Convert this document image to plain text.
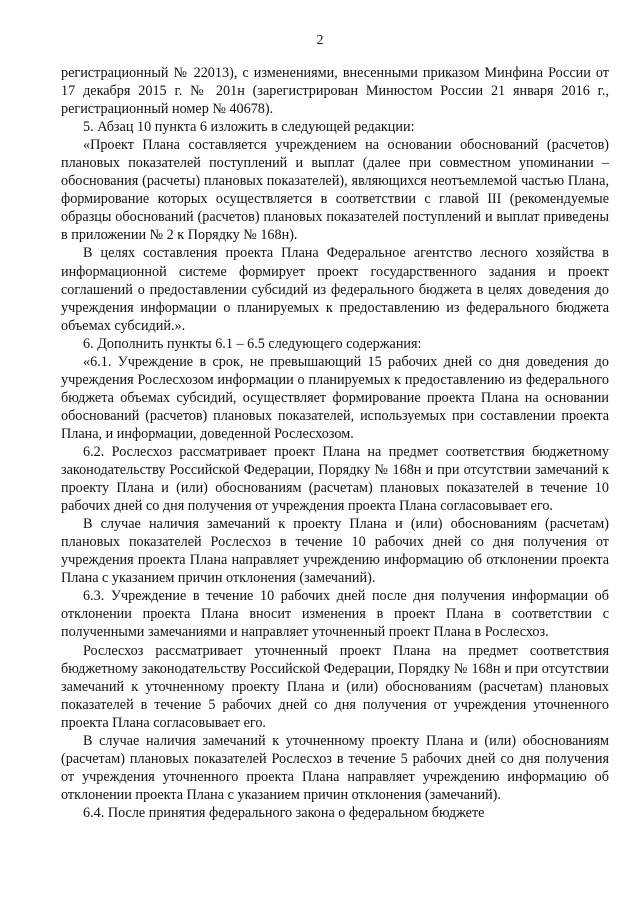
2

регистрационный № 22013), с изменениями, внесенными приказом Минфина России от 17 декабря 2015 г. № 201н (зарегистрирован Минюстом России 21 января 2016 г., регистрационный номер № 40678).

5. Абзац 10 пункта 6 изложить в следующей редакции:

«Проект Плана составляется учреждением на основании обоснований (расчетов) плановых показателей поступлений и выплат (далее при совместном упоминании – обоснования (расчеты) плановых показателей), являющихся неотъемлемой частью Плана, формирование которых осуществляется в соответствии с главой III (рекомендуемые образцы обоснований (расчетов) плановых показателей поступлений и выплат приведены в приложении № 2 к Порядку № 168н).

В целях составления проекта Плана Федеральное агентство лесного хозяйства в информационной системе формирует проект государственного задания и проект соглашений о предоставлении субсидий из федерального бюджета в целях доведения до учреждения информации о планируемых к предоставлению из федерального бюджета объемах субсидий.».

6. Дополнить пункты 6.1 – 6.5 следующего содержания:

«6.1. Учреждение в срок, не превышающий 15 рабочих дней со дня доведения до учреждения Рослесхозом информации о планируемых к предоставлению из федерального бюджета объемах субсидий, осуществляет формирование проекта Плана на основании обоснований (расчетов) плановых показателей, используемых при составлении проекта Плана, и информации, доведенной Рослесхозом.

6.2. Рослесхоз рассматривает проект Плана на предмет соответствия бюджетному законодательству Российской Федерации, Порядку № 168н и при отсутствии замечаний к проекту Плана и (или) обоснованиям (расчетам) плановых показателей в течение 10 рабочих дней со дня получения от учреждения проекта Плана согласовывает его.

В случае наличия замечаний к проекту Плана и (или) обоснованиям (расчетам) плановых показателей Рослесхоз в течение 10 рабочих дней со дня получения от учреждения проекта Плана направляет учреждению информацию об отклонении проекта Плана с указанием причин отклонения (замечаний).

6.3. Учреждение в течение 10 рабочих дней после дня получения информации об отклонении проекта Плана вносит изменения в проект Плана в соответствии с полученными замечаниями и направляет уточненный проект Плана в Рослесхоз.

Рослесхоз рассматривает уточненный проект Плана на предмет соответствия бюджетному законодательству Российской Федерации, Порядку № 168н и при отсутствии замечаний к уточненному проекту Плана и (или) обоснованиям (расчетам) плановых показателей в течение 5 рабочих дней со дня получения от учреждения уточненного проекта Плана согласовывает его.

В случае наличия замечаний к уточненному проекту Плана и (или) обоснованиям (расчетам) плановых показателей Рослесхоз в течение 5 рабочих дней со дня получения от учреждения уточненного проекта Плана направляет учреждению информацию об отклонении проекта Плана с указанием причин отклонения (замечаний).

6.4. После принятия федерального закона о федеральном бюджете
